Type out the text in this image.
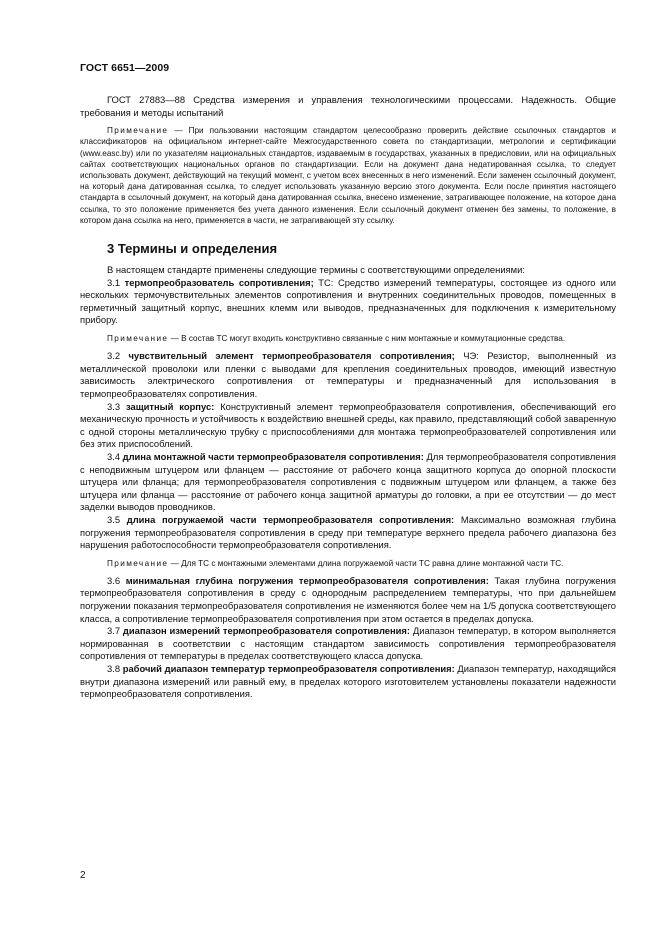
ГОСТ 6651—2009

ГОСТ 27883—88 Средства измерения и управления технологическими процессами. Надежность. Общие требования и методы испытаний

Примечание — При пользовании настоящим стандартом целесообразно проверить действие ссылочных стандартов и классификаторов на официальном интернет-сайте Межгосударственного совета по стандартизации, метрологии и сертификации (www.easc.by) или по указателям национальных стандартов, издаваемым в государствах, указанных в предисловии, или на официальных сайтах соответствующих национальных органов по стандартизации. Если на документ дана недатированная ссылка, то следует использовать документ, действующий на текущий момент, с учетом всех внесенных в него изменений. Если заменен ссылочный документ, на который дана датированная ссылка, то следует использовать указанную версию этого документа. Если после принятия настоящего стандарта в ссылочный документ, на который дана датированная ссылка, внесено изменение, затрагивающее положение, на которое дана ссылка, то это положение применяется без учета данного изменения. Если ссылочный документ отменен без замены, то положение, в котором дана ссылка на него, применяется в части, не затрагивающей эту ссылку.

3 Термины и определения

В настоящем стандарте применены следующие термины с соответствующими определениями:

3.1 термопреобразователь сопротивления; ТС: Средство измерений температуры, состоящее из одного или нескольких термочувствительных элементов сопротивления и внутренних соединительных проводов, помещенных в герметичный защитный корпус, внешних клемм или выводов, предназначенных для подключения к измерительному прибору.

Примечание — В состав ТС могут входить конструктивно связанные с ним монтажные и коммутационные средства.

3.2 чувствительный элемент термопреобразователя сопротивления; ЧЭ: Резистор, выполненный из металлической проволоки или пленки с выводами для крепления соединительных проводов, имеющий известную зависимость электрического сопротивления от температуры и предназначенный для использования в термопреобразователях сопротивления.

3.3 защитный корпус: Конструктивный элемент термопреобразователя сопротивления, обеспечивающий его механическую прочность и устойчивость к воздействию внешней среды, как правило, представляющий собой заваренную с одной стороны металлическую трубку с приспособлениями для монтажа термопреобразователей сопротивления или без этих приспособлений.

3.4 длина монтажной части термопреобразователя сопротивления: Для термопреобразователя сопротивления с неподвижным штуцером или фланцем — расстояние от рабочего конца защитного корпуса до опорной плоскости штуцера или фланца; для термопреобразователя сопротивления с подвижным штуцером или фланцем, а также без штуцера или фланца — расстояние от рабочего конца защитной арматуры до головки, а при ее отсутствии — до мест заделки выводов проводников.

3.5 длина погружаемой части термопреобразователя сопротивления: Максимально возможная глубина погружения термопреобразователя сопротивления в среду при температуре верхнего предела рабочего диапазона без нарушения работоспособности термопреобразователя сопротивления.

Примечание — Для ТС с монтажными элементами длина погружаемой части ТС равна длине монтажной части ТС.

3.6 минимальная глубина погружения термопреобразователя сопротивления: Такая глубина погружения термопреобразователя сопротивления в среду с однородным распределением температуры, что при дальнейшем погружении показания термопреобразователя сопротивления не изменяются более чем на 1/5 допуска соответствующего класса, а сопротивление термопреобразователя сопротивления при этом остается в пределах допуска.

3.7 диапазон измерений термопреобразователя сопротивления: Диапазон температур, в котором выполняется нормированная в соответствии с настоящим стандартом зависимость сопротивления термопреобразователя сопротивления от температуры в пределах соответствующего класса допуска.

3.8 рабочий диапазон температур термопреобразователя сопротивления: Диапазон температур, находящийся внутри диапазона измерений или равный ему, в пределах которого изготовителем установлены показатели надежности термопреобразователя сопротивления.

2
